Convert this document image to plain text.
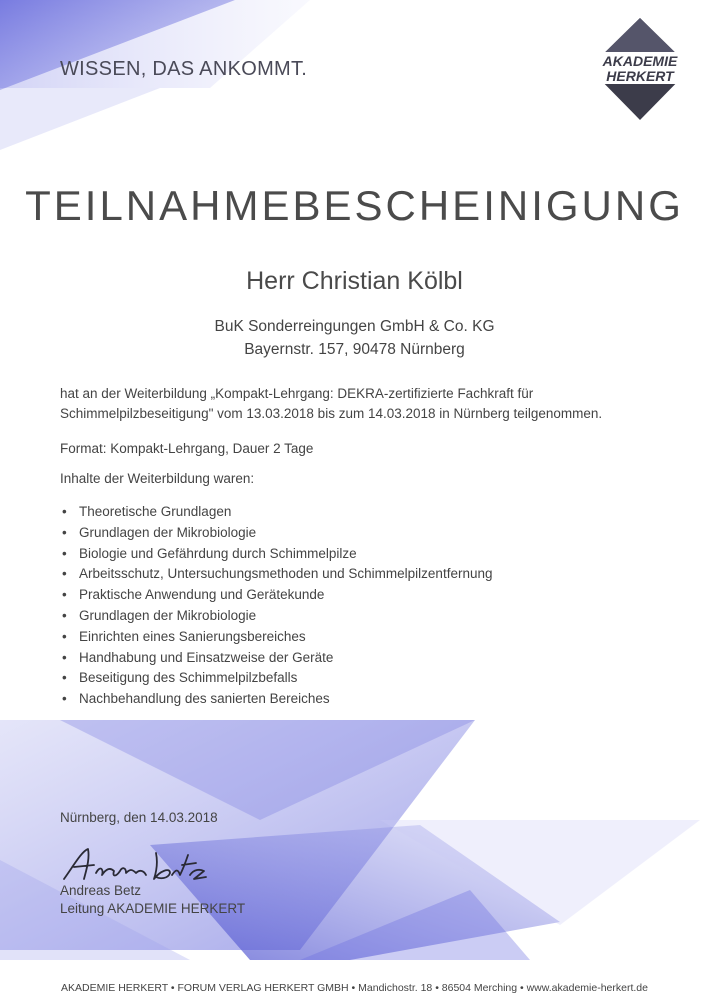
WISSEN, DAS ANKOMMT.	AKADEMIE
HERKERT
TEILNAHMEBESCHEINIGUNG
Herr Christian Kölbl
BuK Sonderreingungen GmbH & Co. KG
Bayernstr. 157, 90478 Nürnberg
hat an der Weiterbildung „Kompakt-Lehrgang: DEKRA-zertifizierte Fachkraft für
Schimmelpilzbeseitigung" vom 13.03.2018 bis zum 14.03.2018 in Nürnberg teilgenommen.
Format: Kompakt-Lehrgang, Dauer 2 Tage
Inhalte der Weiterbildung waren:
• Theoretische Grundlagen
• Grundlagen der Mikrobiologie
• Biologie und Gefährdung durch Schimmelpilze
• Arbeitsschutz, Untersuchungsmethoden und Schimmelpilzentfernung
• Praktische Anwendung und Gerätekunde
• Grundlagen der Mikrobiologie
• Einrichten eines Sanierungsbereiches
• Handhabung und Einsatzweise der Geräte
• Beseitigung des Schimmelpilzbefalls
• Nachbehandlung des sanierten Bereiches
Nürnberg, den 14.03.2018
Andreas Betz
Leitung AKADEMIE HERKERT
AKADEMIE HERKERT • FORUM VERLAG HERKERT GMBH • Mandichostr. 18 • 86504 Merching • www.akademie-herkert.de
